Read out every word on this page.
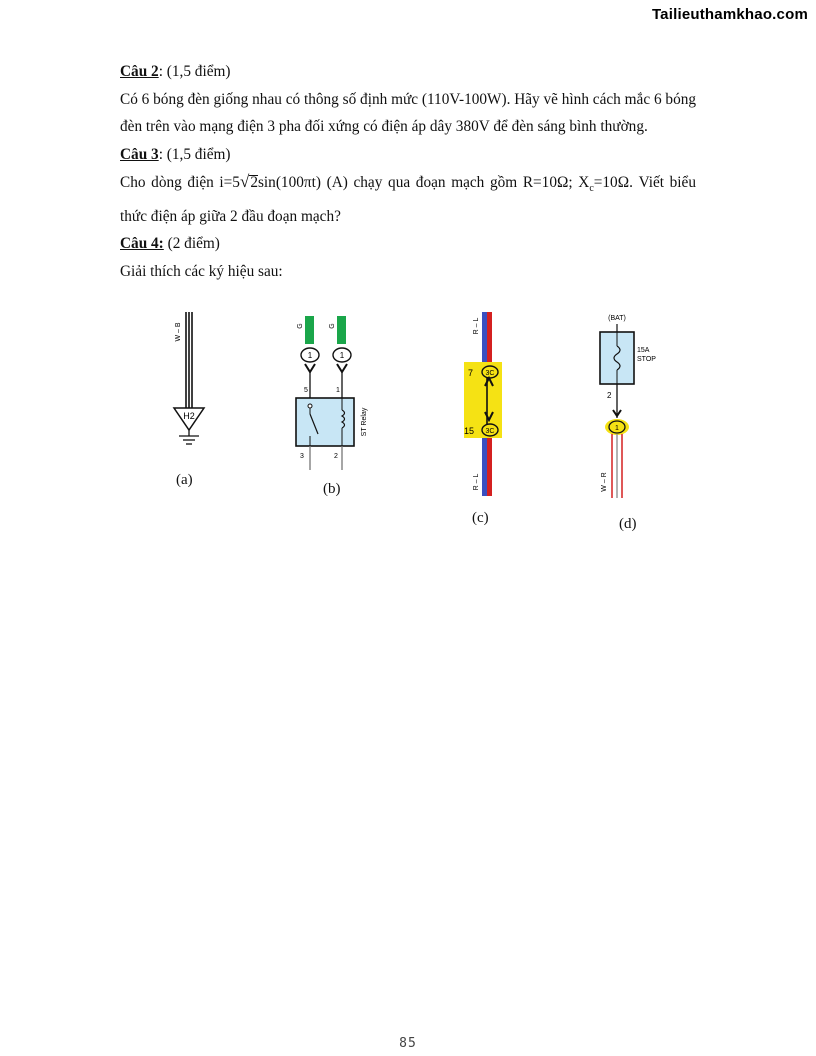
Tailieuthamkhao.com
Câu 2: (1,5 điểm)
Có 6 bóng đèn giống nhau có thông số định mức (110V-100W). Hãy vẽ hình cách mắc 6 bóng đèn trên vào mạng điện 3 pha đối xứng có điện áp dây 380V để đèn sáng bình thường.
Câu 3: (1,5 điểm)
Cho dòng điện i=5√2sin(100πt) (A) chạy qua đoạn mạch gồm R=10Ω; $X_c=10\Omega$. Viết biểu thức điện áp giữa 2 đầu đoạn mạch?
Câu 4: (2 điểm)
Giải thích các ký hiệu sau:
W – B
H2
(a)
G	G
1	1
5	1
ST Relay
3	2
(b)
R – L
7 3C
15 3C
R – L
(c)
(BAT)
15A
STOP
2
1
W – R
(d)
85
